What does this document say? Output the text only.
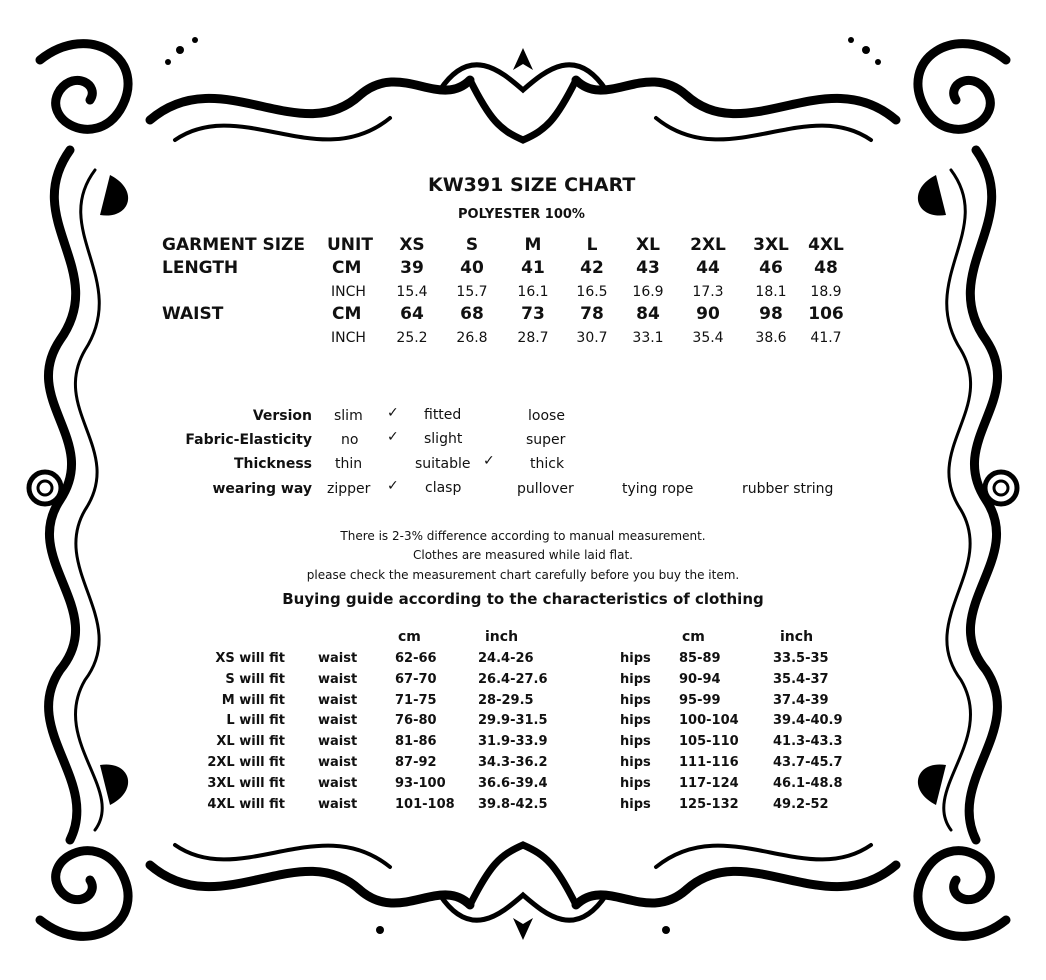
KW391 SIZE CHART
POLYESTER 100%
GARMENT SIZE UNIT	XS	S	M	L	XL	2XL	3XL	4XL
LENGTH	CM	39	40	41	42	43	44	46	48
INCH	15.4	15.7	16.1	16.5	16.9	17.3	18.1	18.9
WAIST	CM	64	68	73	78	84	90	98	106
INCH	25.2	26.8	28.7	30.7	33.1	35.4	38.6	41.7
Version slim ✓ fitted	loose
Fabric-Elasticity no ✓ slight	super
Thickness thin	suitable ✓	thick
wearing way zipper ✓ clasp	pullover	tying rope	rubber string
There is 2-3% difference according to manual measurement.
Clothes are measured while laid flat.
please check the measurement chart carefully before you buy the item.
Buying guide according to the characteristics of clothing
cm	inch	cm	inch
XS will fit	waist	62-66	24.4-26	hips 85-89	33.5-35
S will fit	waist	67-70	26.4-27.6	hips 90-94	35.4-37
M will fit	waist	71-75	28-29.5	hips 95-99	37.4-39
L will fit	waist	76-80	29.9-31.5	hips 100-104	39.4-40.9
XL will fit	waist	81-86	31.9-33.9	hips 105-110	41.3-43.3
2XL will fit	waist	87-92	34.3-36.2	hips 111-116	43.7-45.7
3XL will fit	waist	93-100 36.6-39.4	hips 117-124	46.1-48.8
4XL will fit	waist	101-108 39.8-42.5	hips 125-132	49.2-52
